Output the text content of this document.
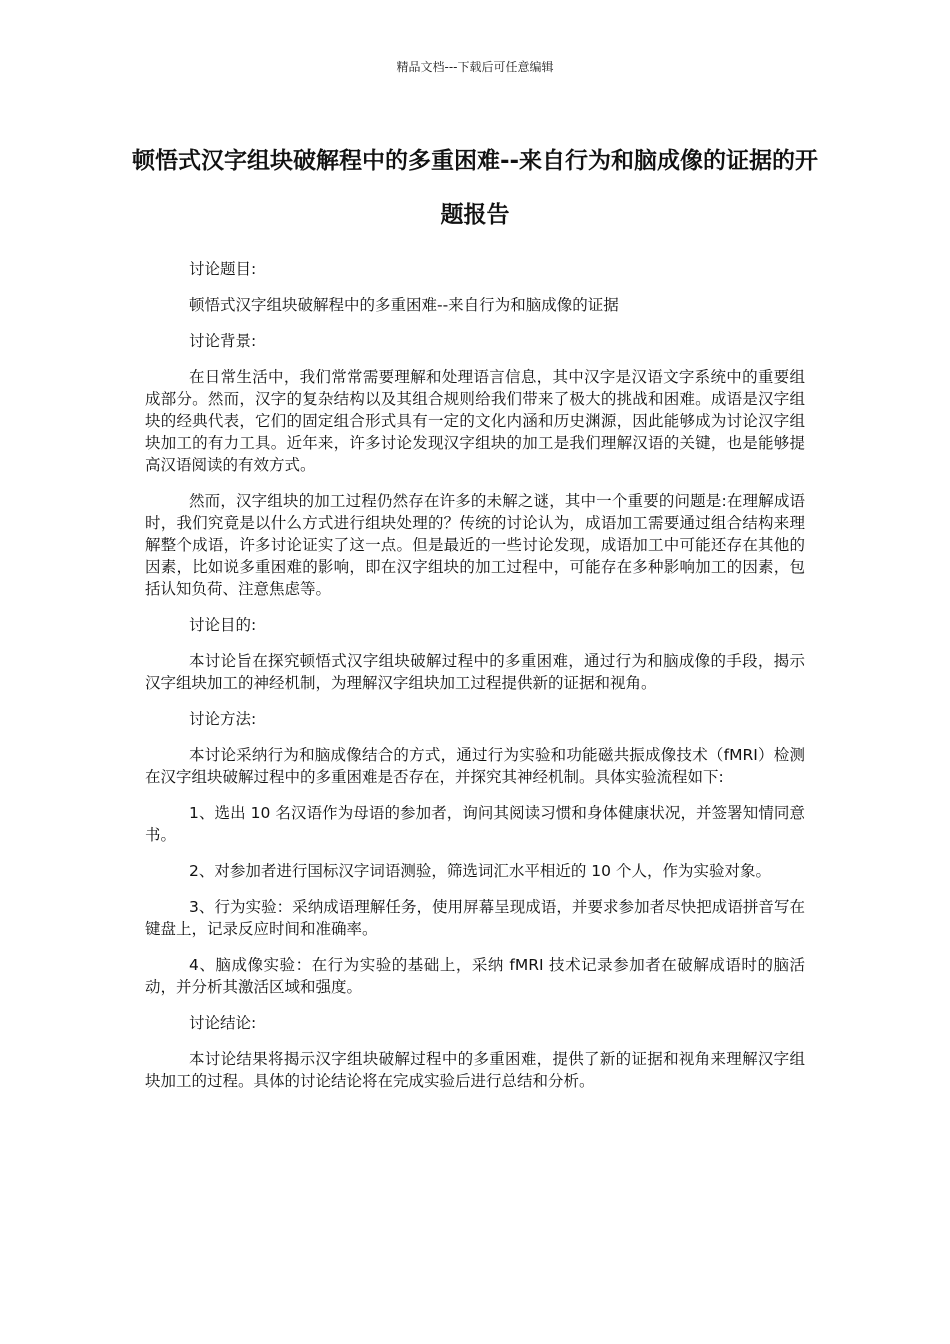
精品文档---下载后可任意编辑
顿悟式汉字组块破解程中的多重困难--来自行为和脑成像的证据的开题报告

讨论题目:

顿悟式汉字组块破解程中的多重困难--来自行为和脑成像的证据

讨论背景:

在日常生活中，我们常常需要理解和处理语言信息，其中汉字是汉语文字系统中的重要组成部分。然而，汉字的复杂结构以及其组合规则给我们带来了极大的挑战和困难。成语是汉字组块的经典代表，它们的固定组合形式具有一定的文化内涵和历史渊源，因此能够成为讨论汉字组块加工的有力工具。近年来，许多讨论发现汉字组块的加工是我们理解汉语的关键，也是能够提高汉语阅读的有效方式。

然而，汉字组块的加工过程仍然存在许多的未解之谜，其中一个重要的问题是:在理解成语时，我们究竟是以什么方式进行组块处理的？传统的讨论认为，成语加工需要通过组合结构来理解整个成语，许多讨论证实了这一点。但是最近的一些讨论发现，成语加工中可能还存在其他的因素，比如说多重困难的影响，即在汉字组块的加工过程中，可能存在多种影响加工的因素，包括认知负荷、注意焦虑等。

讨论目的:

本讨论旨在探究顿悟式汉字组块破解过程中的多重困难，通过行为和脑成像的手段，揭示汉字组块加工的神经机制，为理解汉字组块加工过程提供新的证据和视角。

讨论方法:

本讨论采纳行为和脑成像结合的方式，通过行为实验和功能磁共振成像技术（fMRI）检测在汉字组块破解过程中的多重困难是否存在，并探究其神经机制。具体实验流程如下:

1、选出 10 名汉语作为母语的参加者，询问其阅读习惯和身体健康状况，并签署知情同意书。

2、对参加者进行国标汉字词语测验，筛选词汇水平相近的 10 个人，作为实验对象。

3、行为实验：采纳成语理解任务，使用屏幕呈现成语，并要求参加者尽快把成语拼音写在键盘上，记录反应时间和准确率。

4、脑成像实验：在行为实验的基础上，采纳 fMRI 技术记录参加者在破解成语时的脑活动，并分析其激活区域和强度。

讨论结论:

本讨论结果将揭示汉字组块破解过程中的多重困难，提供了新的证据和视角来理解汉字组块加工的过程。具体的讨论结论将在完成实验后进行总结和分析。
